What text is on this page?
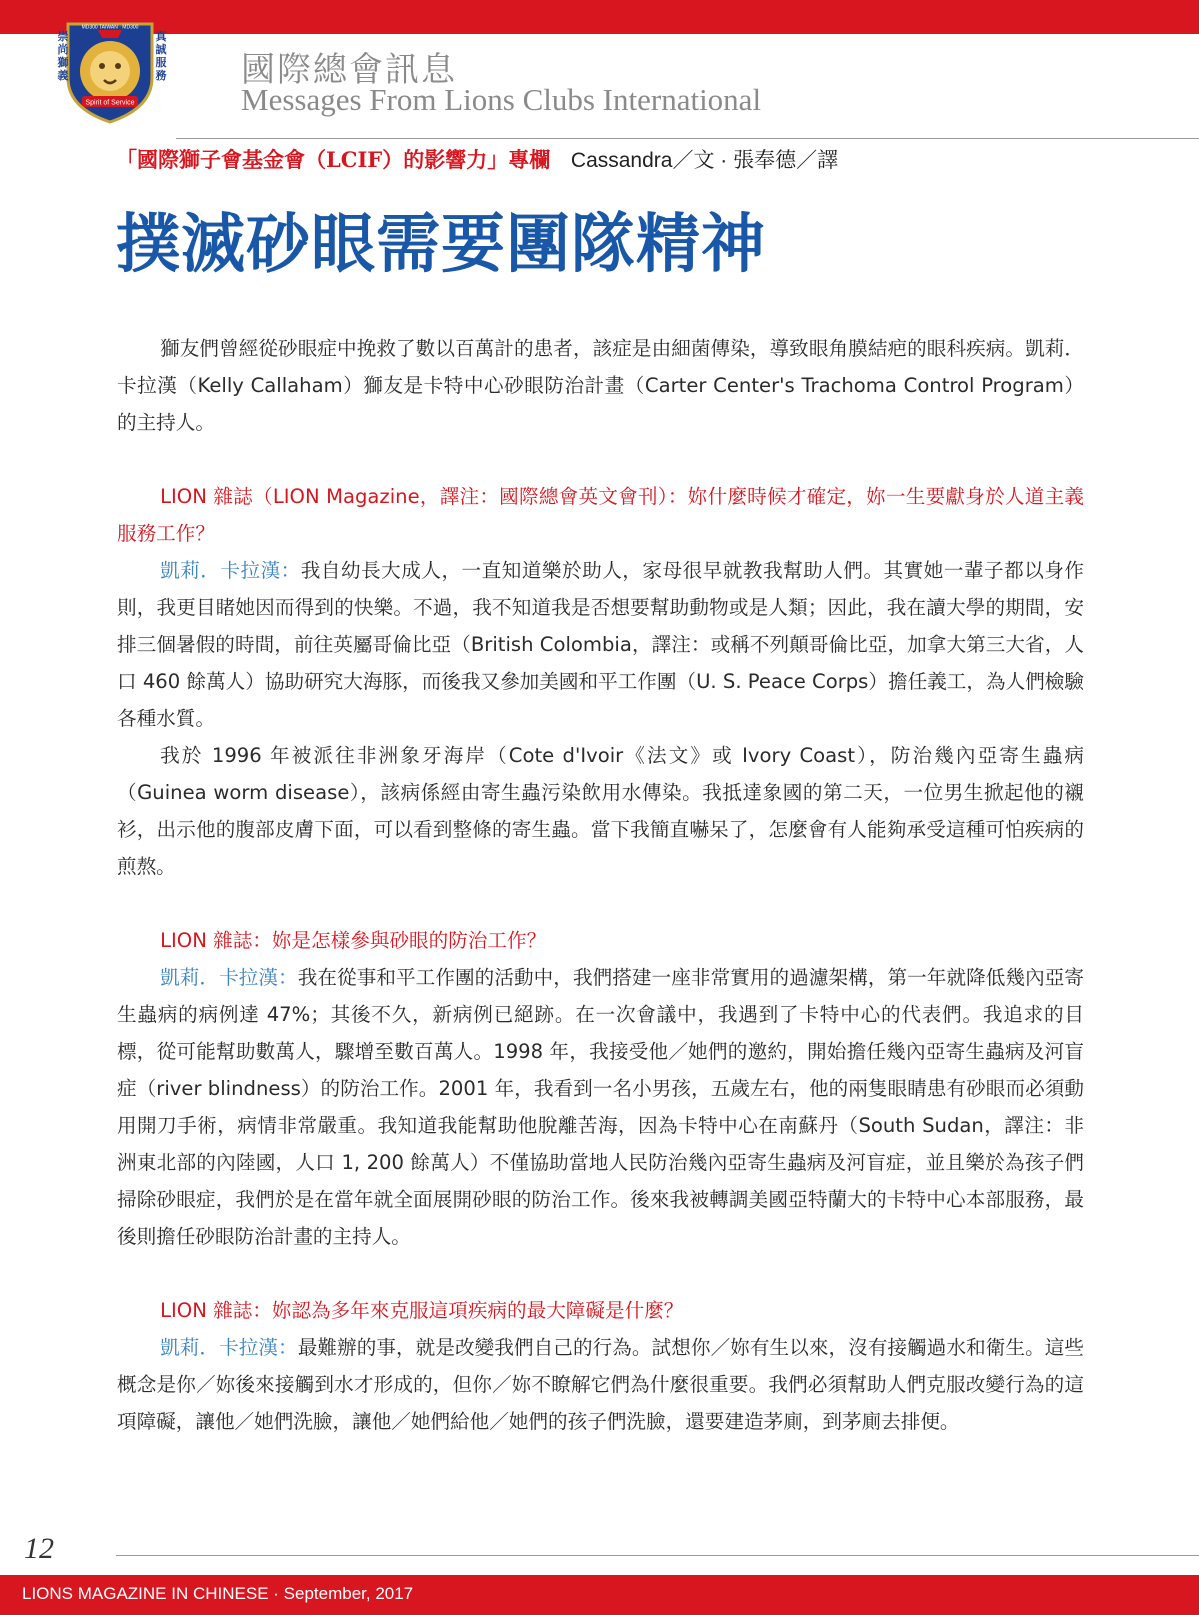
崇
尚
獅
義
Spirit of Service
MD300 TAIWAN · MD300
真
誠
服
務 國際總會訊息
Messages From Lions Clubs International
「國際獅子會基金會（LCIF）的影響力」專欄 Cassandra／文 · 張奉德／譯
撲滅砂眼需要團隊精神

獅友們曾經從砂眼症中挽救了數以百萬計的患者，該症是由細菌傳染，導致眼角膜結疤的眼科疾病。凱莉．卡拉漢（Kelly Callaham）獅友是卡特中心砂眼防治計畫（Carter Center's Trachoma Control Program）的主持人。

LION 雜誌（LION Magazine，譯注：國際總會英文會刊）：妳什麼時候才確定，妳一生要獻身於人道主義服務工作？

凱莉．卡拉漢：我自幼長大成人，一直知道樂於助人，家母很早就教我幫助人們。其實她一輩子都以身作則，我更目睹她因而得到的快樂。不過，我不知道我是否想要幫助動物或是人類；因此，我在讀大學的期間，安排三個暑假的時間，前往英屬哥倫比亞（British Colombia，譯注：或稱不列顛哥倫比亞，加拿大第三大省，人口 460 餘萬人）協助研究大海豚，而後我又參加美國和平工作團（U. S. Peace Corps）擔任義工，為人們檢驗各種水質。

我於 1996 年被派往非洲象牙海岸（Cote d'Ivoir《法文》或 Ivory Coast），防治幾內亞寄生蟲病（Guinea worm disease），該病係經由寄生蟲污染飲用水傳染。我抵達象國的第二天，一位男生掀起他的襯衫，出示他的腹部皮膚下面，可以看到整條的寄生蟲。當下我簡直嚇呆了，怎麼會有人能夠承受這種可怕疾病的煎熬。

LION 雜誌：妳是怎樣參與砂眼的防治工作？

凱莉．卡拉漢：我在從事和平工作團的活動中，我們搭建一座非常實用的過濾架構，第一年就降低幾內亞寄生蟲病的病例達 47%；其後不久，新病例已絕跡。在一次會議中，我遇到了卡特中心的代表們。我追求的目標，從可能幫助數萬人，驟增至數百萬人。1998 年，我接受他／她們的邀約，開始擔任幾內亞寄生蟲病及河盲症（river blindness）的防治工作。2001 年，我看到一名小男孩，五歲左右，他的兩隻眼睛患有砂眼而必須動用開刀手術，病情非常嚴重。我知道我能幫助他脫離苦海，因為卡特中心在南蘇丹（South Sudan，譯注：非洲東北部的內陸國，人口 1, 200 餘萬人）不僅協助當地人民防治幾內亞寄生蟲病及河盲症，並且樂於為孩子們掃除砂眼症，我們於是在當年就全面展開砂眼的防治工作。後來我被轉調美國亞特蘭大的卡特中心本部服務，最後則擔任砂眼防治計畫的主持人。

LION 雜誌：妳認為多年來克服這項疾病的最大障礙是什麼？

凱莉．卡拉漢：最難辦的事，就是改變我們自己的行為。試想你／妳有生以來，沒有接觸過水和衛生。這些概念是你／妳後來接觸到水才形成的，但你／妳不瞭解它們為什麼很重要。我們必須幫助人們克服改變行為的這項障礙，讓他／她們洗臉，讓他／她們給他／她們的孩子們洗臉，還要建造茅廁，到茅廁去排便。

12
LIONS MAGAZINE IN CHINESE · September, 2017
